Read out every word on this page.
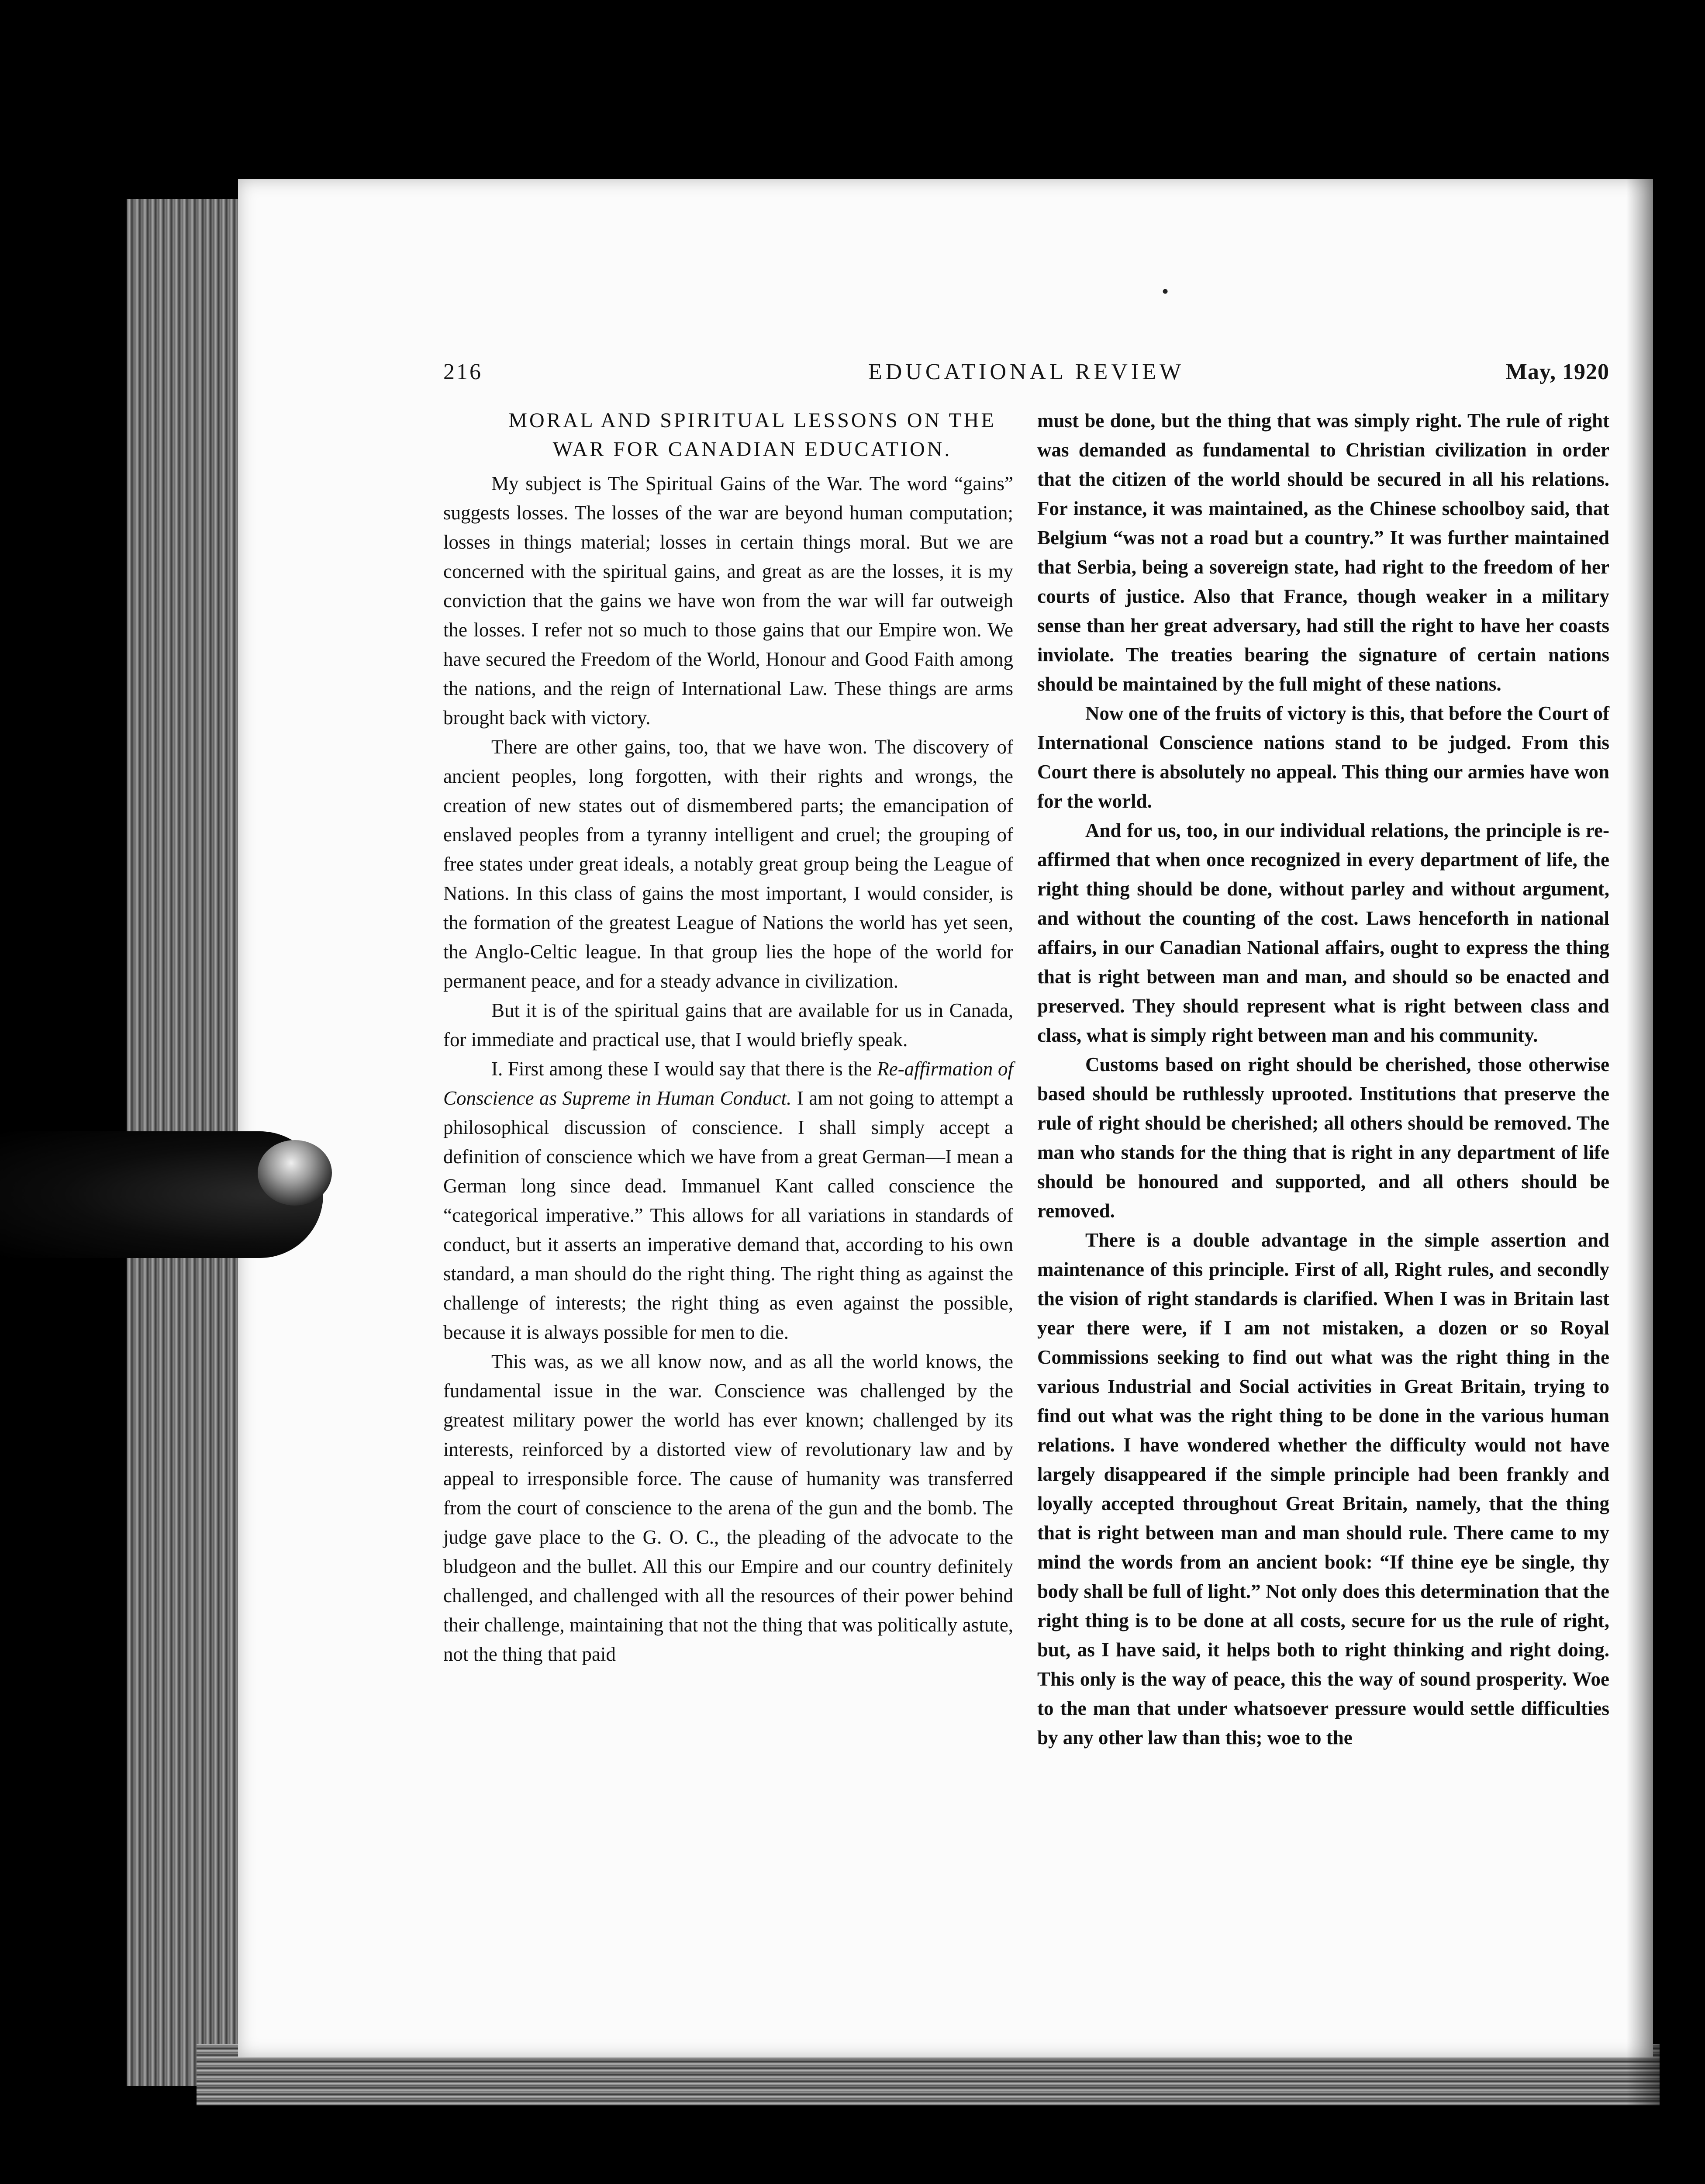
•
216	EDUCATIONAL REVIEW	May, 1920

MORAL AND SPIRITUAL LESSONS ON THE

WAR FOR CANADIAN EDUCATION.

My subject is The Spiritual Gains of the War. The word “gains” suggests losses. The losses of the war are beyond human computation; losses in things material; losses in certain things moral. But we are concerned with the spiritual gains, and great as are the losses, it is my conviction that the gains we have won from the war will far outweigh the losses. I refer not so much to those gains that our Empire won. We have secured the Freedom of the World, Honour and Good Faith among the nations, and the reign of International Law. These things are arms brought back with victory.

There are other gains, too, that we have won. The discovery of ancient peoples, long forgotten, with their rights and wrongs, the creation of new states out of dismembered parts; the emancipation of enslaved peoples from a tyranny intelligent and cruel; the grouping of free states under great ideals, a notably great group being the League of Nations. In this class of gains the most important, I would consider, is the formation of the greatest League of Nations the world has yet seen, the Anglo-Celtic league. In that group lies the hope of the world for permanent peace, and for a steady advance in civilization.

But it is of the spiritual gains that are available for us in Canada, for immediate and practical use, that I would briefly speak.

I. First among these I would say that there is the Re-affirmation of Conscience as Supreme in Human Conduct. I am not going to attempt a philosophical discussion of conscience. I shall simply accept a definition of conscience which we have from a great German—I mean a German long since dead. Immanuel Kant called conscience the “categorical imperative.” This allows for all variations in standards of conduct, but it asserts an imperative demand that, according to his own standard, a man should do the right thing. The right thing as against the challenge of interests; the right thing as even against the possible, because it is always possible for men to die.

This was, as we all know now, and as all the world knows, the fundamental issue in the war. Conscience was challenged by the greatest military power the world has ever known; challenged by its interests, reinforced by a distorted view of revolutionary law and by appeal to irresponsible force. The cause of humanity was transferred from the court of conscience to the arena of the gun and the bomb. The judge gave place to the G. O. C., the pleading of the advocate to the bludgeon and the bullet. All this our Empire and our country definitely challenged, and challenged with all the resources of their power behind their challenge, maintaining that not the thing that was politically astute, not the thing that paid

must be done, but the thing that was simply right. The rule of right was demanded as fundamental to Christian civilization in order that the citizen of the world should be secured in all his relations. For instance, it was maintained, as the Chinese schoolboy said, that Belgium “was not a road but a country.” It was further maintained that Serbia, being a sovereign state, had right to the freedom of her courts of justice. Also that France, though weaker in a military sense than her great adversary, had still the right to have her coasts inviolate. The treaties bearing the signature of certain nations should be maintained by the full might of these nations.

Now one of the fruits of victory is this, that before the Court of International Conscience nations stand to be judged. From this Court there is absolutely no appeal. This thing our armies have won for the world.

And for us, too, in our individual relations, the principle is re-affirmed that when once recognized in every department of life, the right thing should be done, without parley and without argument, and without the counting of the cost. Laws henceforth in national affairs, in our Canadian National affairs, ought to express the thing that is right between man and man, and should so be enacted and preserved. They should represent what is right between class and class, what is simply right between man and his community.

Customs based on right should be cherished, those otherwise based should be ruthlessly uprooted. Institutions that preserve the rule of right should be cherished; all others should be removed. The man who stands for the thing that is right in any department of life should be honoured and supported, and all others should be removed.

There is a double advantage in the simple assertion and maintenance of this principle. First of all, Right rules, and secondly the vision of right standards is clarified. When I was in Britain last year there were, if I am not mistaken, a dozen or so Royal Commissions seeking to find out what was the right thing in the various Industrial and Social activities in Great Britain, trying to find out what was the right thing to be done in the various human relations. I have wondered whether the difficulty would not have largely disappeared if the simple principle had been frankly and loyally accepted throughout Great Britain, namely, that the thing that is right between man and man should rule. There came to my mind the words from an ancient book: “If thine eye be single, thy body shall be full of light.” Not only does this determination that the right thing is to be done at all costs, secure for us the rule of right, but, as I have said, it helps both to right thinking and right doing. This only is the way of peace, this the way of sound prosperity. Woe to the man that under whatsoever pressure would settle difficulties by any other law than this; woe to the
